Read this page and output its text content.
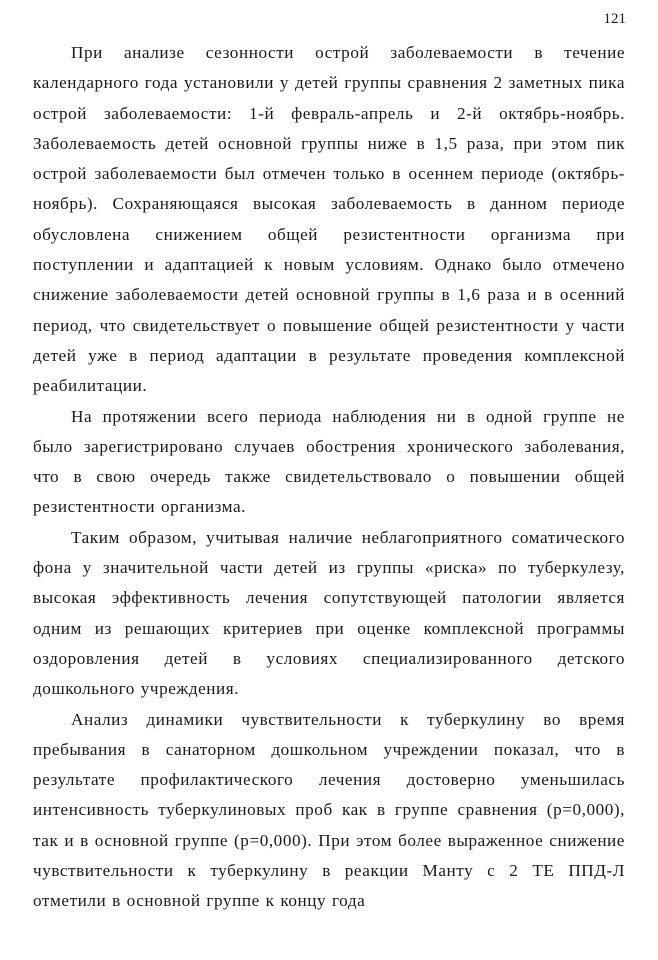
121

При анализе сезонности острой заболеваемости в течение календарного года установили у детей группы сравнения 2 заметных пика острой заболеваемости: 1-й февраль-апрель и 2-й октябрь-ноябрь. Заболеваемость детей основной группы ниже в 1,5 раза, при этом пик острой заболеваемости был отмечен только в осеннем периоде (октябрь-ноябрь). Сохраняющаяся высокая заболеваемость в данном периоде обусловлена снижением общей резистентности организма при поступлении и адаптацией к новым условиям. Однако было отмечено снижение заболеваемости детей основной группы в 1,6 раза и в осенний период, что свидетельствует о повышение общей резистентности у части детей уже в период адаптации в результате проведения комплексной реабилитации.

На протяжении всего периода наблюдения ни в одной группе не было зарегистрировано случаев обострения хронического заболевания, что в свою очередь также свидетельствовало о повышении общей резистентности организма.

Таким образом, учитывая наличие неблагоприятного соматического фона у значительной части детей из группы «риска» по туберкулезу, высокая эффективность лечения сопутствующей патологии является одним из решающих критериев при оценке комплексной программы оздоровления детей в условиях специализированного детского дошкольного учреждения.

Анализ динамики чувствительности к туберкулину во время пребывания в санаторном дошкольном учреждении показал, что в результате профилактического лечения достоверно уменьшилась интенсивность туберкулиновых проб как в группе сравнения (р=0,000), так и в основной группе (р=0,000). При этом более выраженное снижение чувствительности к туберкулину в реакции Манту с 2 ТЕ ППД-Л отметили в основной группе к концу года
